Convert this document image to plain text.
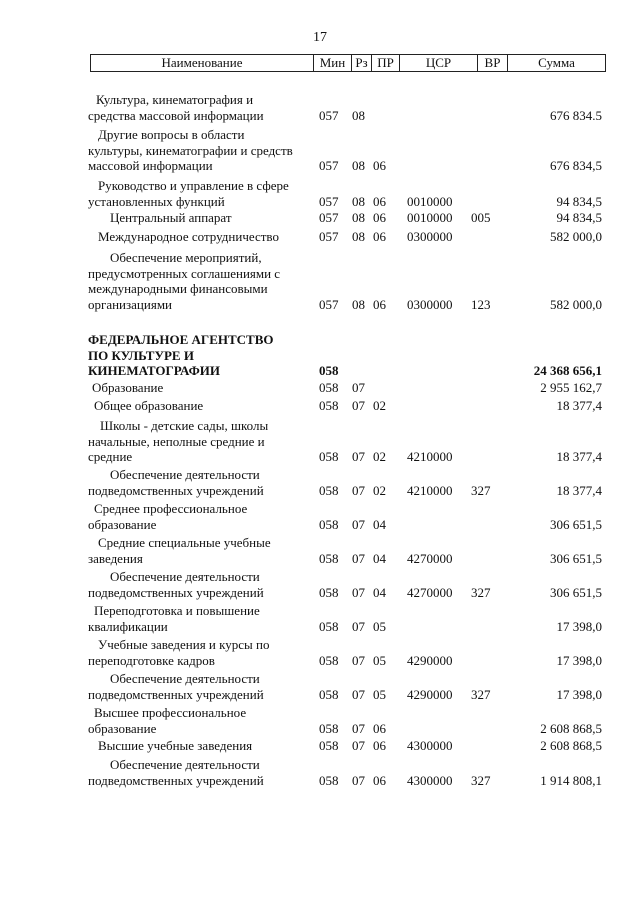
17
Наименование	Мин Рз ПР	ЦСР	ВР	Сумма
Культура, кинематография и
средства массовой информации	057 08	676 834.5
Другие вопросы в области
культуры, кинематографии и средств
массовой информации	057 08 06	676 834,5
Руководство и управление в сфере
установленных функций	057 08 06 0010000	94 834,5
Центральный аппарат	057 08 06 0010000 005	94 834,5
Международное сотрудничество	057 08 06 0300000	582 000,0
Обеспечение мероприятий,
предусмотренных соглашениями с
международными финансовыми
организациями	057 08 06 0300000 123	582 000,0
ФЕДЕРАЛЬНОЕ АГЕНТСТВО
ПО КУЛЬТУРЕ И
КИНЕМАТОГРАФИИ	058	24 368 656,1
Образование	058 07	2 955 162,7
Общее образование	058 07 02	18 377,4
Школы - детские сады, школы
начальные, неполные средние и
средние	058 07 02 4210000	18 377,4
Обеспечение деятельности
подведомственных учреждений	058 07 02 4210000 327	18 377,4
Среднее профессиональное
образование	058 07 04	306 651,5
Средние специальные учебные
заведения	058 07 04 4270000	306 651,5
Обеспечение деятельности
подведомственных учреждений	058 07 04 4270000 327	306 651,5
Переподготовка и повышение
квалификации	058 07 05	17 398,0
Учебные заведения и курсы по
переподготовке кадров	058 07 05 4290000	17 398,0
Обеспечение деятельности
подведомственных учреждений	058 07 05 4290000 327	17 398,0
Высшее профессиональное
образование	058 07 06	2 608 868,5
Высшие учебные заведения	058 07 06 4300000	2 608 868,5
Обеспечение деятельности
подведомственных учреждений	058 07 06 4300000 327	1 914 808,1
